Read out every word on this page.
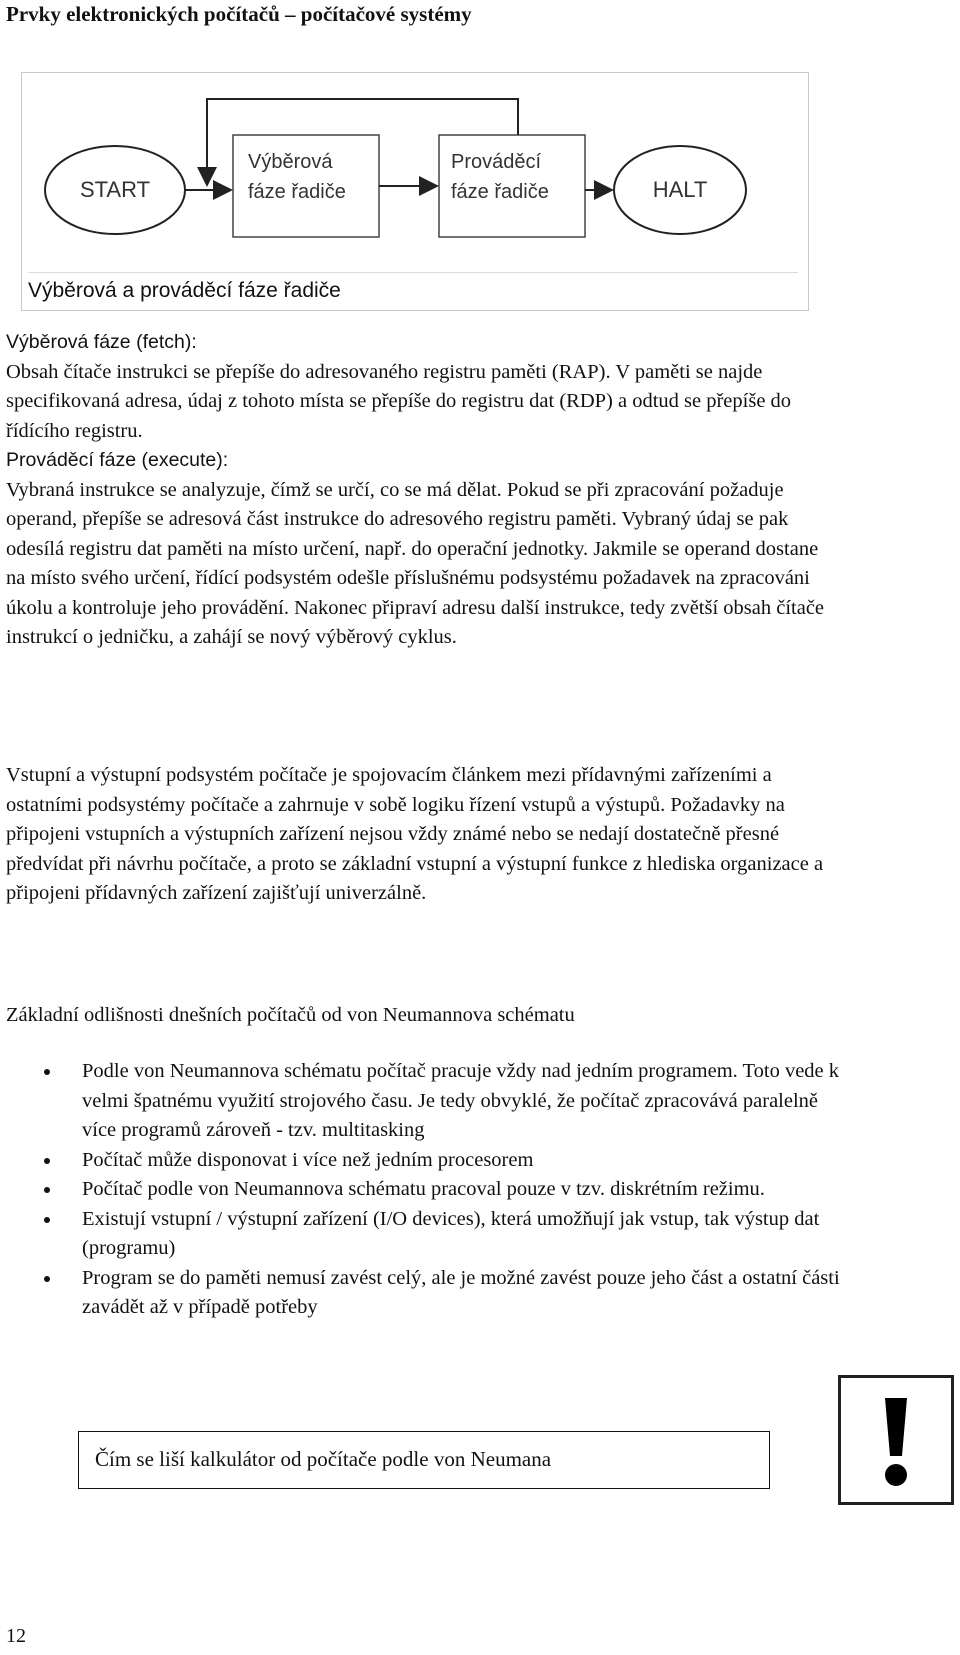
Prvky elektronických počítačů – počítačové systémy
START
Výběrová
fáze řadiče
Prováděcí
fáze řadiče	HALT
Výběrová a prováděcí fáze řadiče

Výběrová fáze (fetch):

Obsah čítače instrukci se přepíše do adresovaného registru paměti (RAP). V paměti se najde specifikovaná adresa, údaj z tohoto místa se přepíše do registru dat (RDP) a odtud se přepíše do řídícího registru.

Prováděcí fáze (execute):

Vybraná instrukce se analyzuje, čímž se určí, co se má dělat. Pokud se při zpracování požaduje operand, přepíše se adresová část instrukce do adresového registru paměti. Vybraný údaj se pak odesílá registru dat paměti na místo určení, např. do operační jednotky. Jakmile se operand dostane na místo svého určení, řídící podsystém odešle příslušnému podsystému požadavek na zpracováni úkolu a kontroluje jeho provádění. Nakonec připraví adresu další instrukce, tedy zvětší obsah čítače instrukcí o jedničku, a zahájí se nový výběrový cyklus.

Vstupní a výstupní podsystém počítače je spojovacím článkem mezi přídavnými zařízeními a ostatními podsystémy počítače a zahrnuje v sobě logiku řízení vstupů a výstupů. Požadavky na připojeni vstupních a výstupních zařízení nejsou vždy známé nebo se nedají dostatečně přesné předvídat při návrhu počítače, a proto se základní vstupní a výstupní funkce z hlediska organizace a připojeni přídavných zařízení zajišťují univerzálně.

Základní odlišnosti dnešních počítačů od von Neumannova schématu
Podle von Neumannova schématu počítač pracuje vždy nad jedním programem. Toto vede k velmi špatnému využití strojového času. Je tedy obvyklé, že počítač zpracovává paralelně více programů zároveň - tzv. multitasking
Počítač může disponovat i více než jedním procesorem
Počítač podle von Neumannova schématu pracoval pouze v tzv. diskrétním režimu.
Existují vstupní / výstupní zařízení (I/O devices), která umožňují jak vstup, tak výstup dat (programu)
Program se do paměti nemusí zavést celý, ale je možné zavést pouze jeho část a ostatní části zavádět až v případě potřeby
Čím se liší kalkulátor od počítače podle von Neumana
12
